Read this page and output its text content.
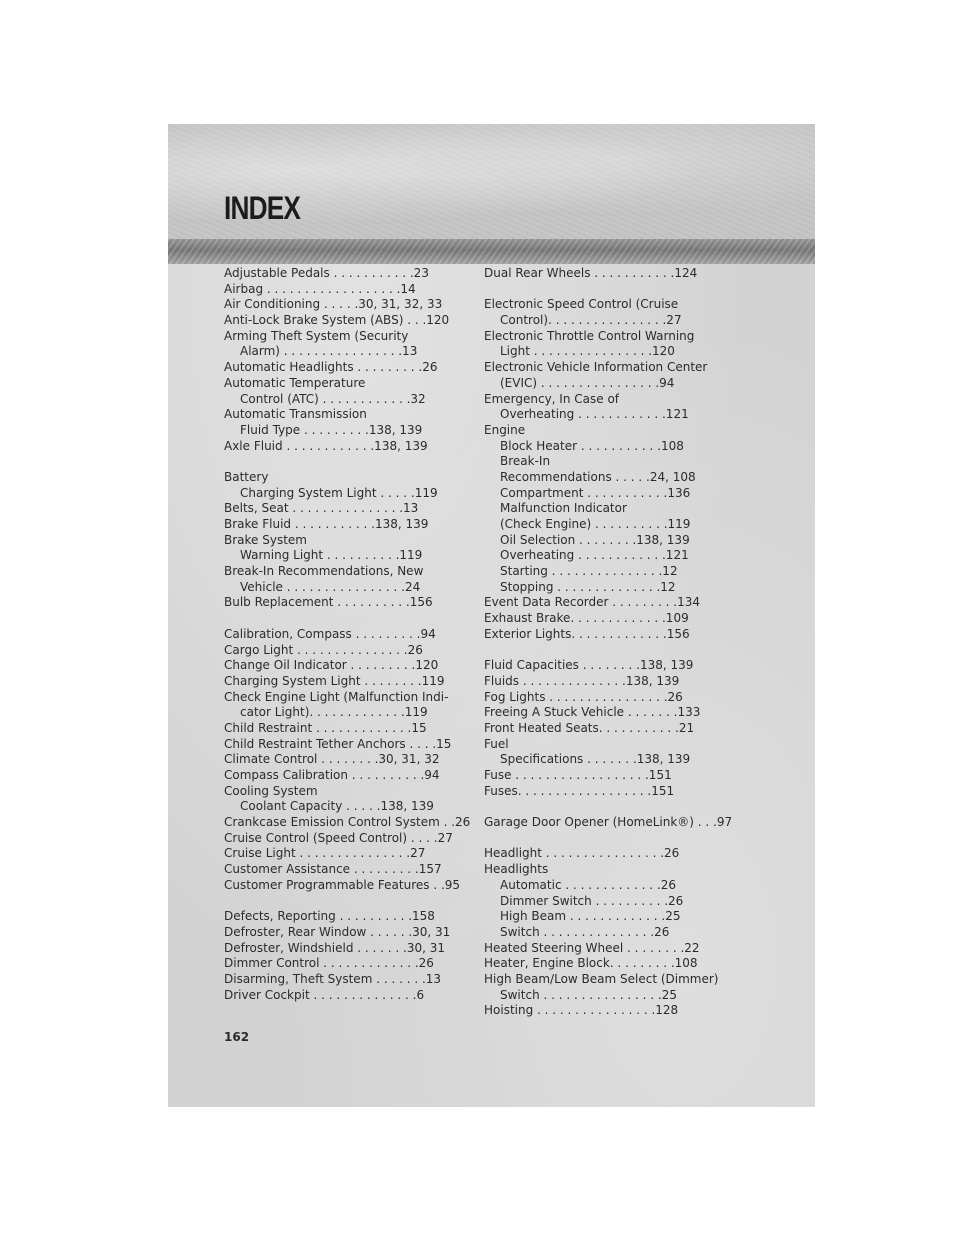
INDEX
Adjustable Pedals . . . . . . . . . . .23
Airbag . . . . . . . . . . . . . . . . . .14
Air Conditioning . . . . .30, 31, 32, 33
Anti-Lock Brake System (ABS) . . .120
Arming Theft System (Security
Alarm) . . . . . . . . . . . . . . . .13
Automatic Headlights . . . . . . . . .26
Automatic Temperature
Control (ATC) . . . . . . . . . . . .32
Automatic Transmission
Fluid Type . . . . . . . . .138, 139
Axle Fluid . . . . . . . . . . . .138, 139
Battery
Charging System Light . . . . .119
Belts, Seat . . . . . . . . . . . . . . .13
Brake Fluid . . . . . . . . . . .138, 139
Brake System
Warning Light . . . . . . . . . .119
Break-In Recommendations, New
Vehicle . . . . . . . . . . . . . . . .24
Bulb Replacement . . . . . . . . . .156
Calibration, Compass . . . . . . . . .94
Cargo Light . . . . . . . . . . . . . . .26
Change Oil Indicator . . . . . . . . .120
Charging System Light . . . . . . . .119
Check Engine Light (Malfunction Indi-
cator Light). . . . . . . . . . . . .119
Child Restraint . . . . . . . . . . . . .15
Child Restraint Tether Anchors . . . .15
Climate Control . . . . . . . .30, 31, 32
Compass Calibration . . . . . . . . . .94
Cooling System
Coolant Capacity . . . . .138, 139
Crankcase Emission Control System . .26
Cruise Control (Speed Control) . . . .27
Cruise Light . . . . . . . . . . . . . . .27
Customer Assistance . . . . . . . . .157
Customer Programmable Features . .95
Defects, Reporting . . . . . . . . . .158
Defroster, Rear Window . . . . . .30, 31
Defroster, Windshield . . . . . . .30, 31
Dimmer Control . . . . . . . . . . . . .26
Disarming, Theft System . . . . . . .13
Driver Cockpit . . . . . . . . . . . . . .6
Dual Rear Wheels . . . . . . . . . . .124
Electronic Speed Control (Cruise
Control). . . . . . . . . . . . . . . .27
Electronic Throttle Control Warning
Light . . . . . . . . . . . . . . . .120
Electronic Vehicle Information Center
(EVIC) . . . . . . . . . . . . . . . .94
Emergency, In Case of
Overheating . . . . . . . . . . . .121
Engine
Block Heater . . . . . . . . . . .108
Break-In
Recommendations . . . . .24, 108
Compartment . . . . . . . . . . .136
Malfunction Indicator
(Check Engine) . . . . . . . . . .119
Oil Selection . . . . . . . .138, 139
Overheating . . . . . . . . . . . .121
Starting . . . . . . . . . . . . . . .12
Stopping . . . . . . . . . . . . . .12
Event Data Recorder . . . . . . . . .134
Exhaust Brake. . . . . . . . . . . . .109
Exterior Lights. . . . . . . . . . . . .156
Fluid Capacities . . . . . . . .138, 139
Fluids . . . . . . . . . . . . . .138, 139
Fog Lights . . . . . . . . . . . . . . . .26
Freeing A Stuck Vehicle . . . . . . .133
Front Heated Seats. . . . . . . . . . .21
Fuel
Specifications . . . . . . .138, 139
Fuse . . . . . . . . . . . . . . . . . .151
Fuses. . . . . . . . . . . . . . . . . .151
Garage Door Opener (HomeLink®) . . .97
Headlight . . . . . . . . . . . . . . . .26
Headlights
Automatic . . . . . . . . . . . . .26
Dimmer Switch . . . . . . . . . .26
High Beam . . . . . . . . . . . . .25
Switch . . . . . . . . . . . . . . .26
Heated Steering Wheel . . . . . . . .22
Heater, Engine Block. . . . . . . . .108
High Beam/Low Beam Select (Dimmer)
Switch . . . . . . . . . . . . . . . .25
Hoisting . . . . . . . . . . . . . . . .128
162
